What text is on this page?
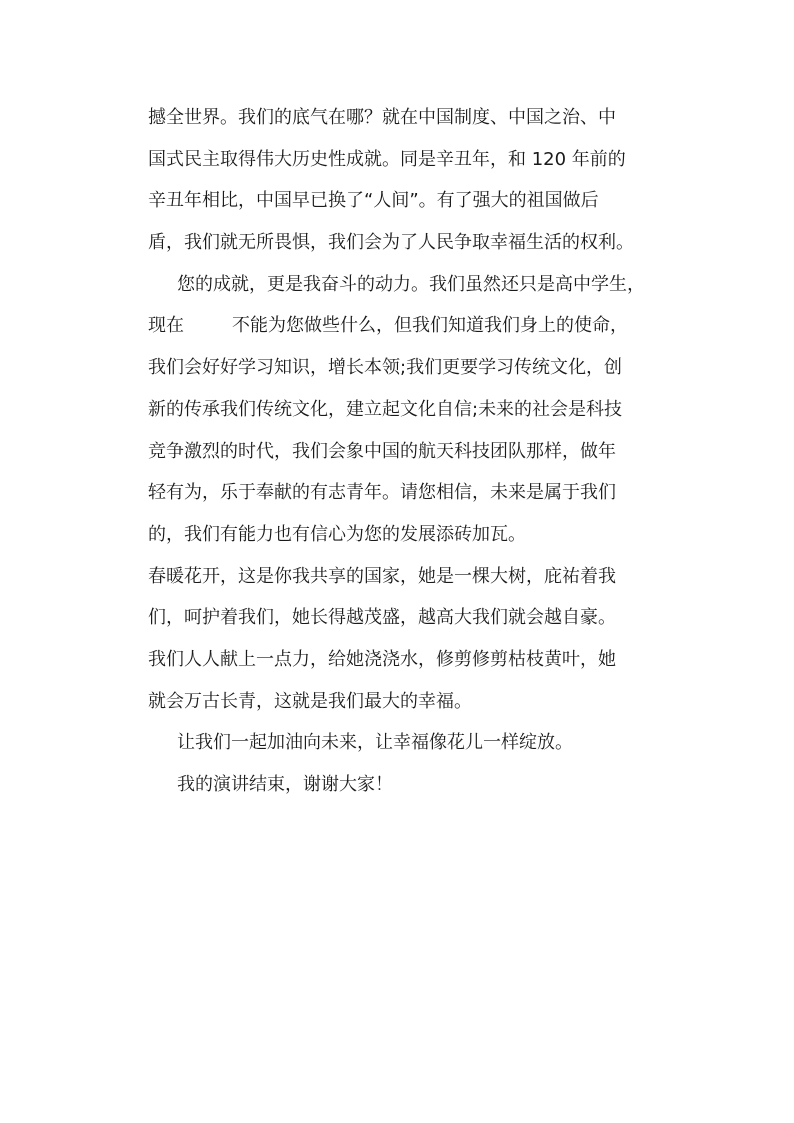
撼全世界。我们的底气在哪？就在中国制度、中国之治、中
国式民主取得伟大历史性成就。同是辛丑年，和 120 年前的
辛丑年相比，中国早已换了“人间”。有了强大的祖国做后
盾，我们就无所畏惧，我们会为了人民争取幸福生活的权利。
您的成就，更是我奋斗的动力。我们虽然还只是高中学生，
现在	不能为您做些什么，但我们知道我们身上的使命，
我们会好好学习知识，增长本领;我们更要学习传统文化，创
新的传承我们传统文化，建立起文化自信;未来的社会是科技
竞争激烈的时代，我们会象中国的航天科技团队那样，做年
轻有为，乐于奉献的有志青年。请您相信，未来是属于我们
的，我们有能力也有信心为您的发展添砖加瓦。
春暖花开，这是你我共享的国家，她是一棵大树，庇祐着我
们，呵护着我们，她长得越茂盛，越高大我们就会越自豪。
我们人人献上一点力，给她浇浇水，修剪修剪枯枝黄叶，她
就会万古长青，这就是我们最大的幸福。
让我们一起加油向未来，让幸福像花儿一样绽放。
我的演讲结束，谢谢大家！
